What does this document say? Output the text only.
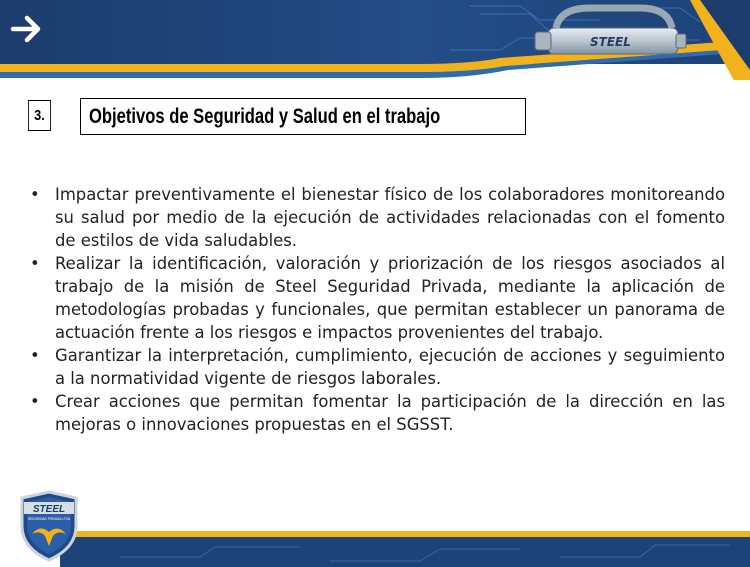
STEEL
3. Objetivos de Seguridad y Salud en el trabajo
• Impactar preventivamente el bienestar físico de los colaboradores monitoreando su salud por medio de la ejecución de actividades relacionadas con el fomento de estilos de vida saludables.
• Realizar la identificación, valoración y priorización de los riesgos asociados al trabajo de la misión de Steel Seguridad Privada, mediante la aplicación de metodologías probadas y funcionales, que permitan establecer un panorama de actuación frente a los riesgos e impactos provenientes del trabajo.
• Garantizar la interpretación, cumplimiento, ejecución de acciones y seguimiento a la normatividad vigente de riesgos laborales.
• Crear acciones que permitan fomentar la participación de la dirección en las mejoras o innovaciones propuestas en el SGSST.
STEEL
SEGURIDAD PRIVADA LTDA
